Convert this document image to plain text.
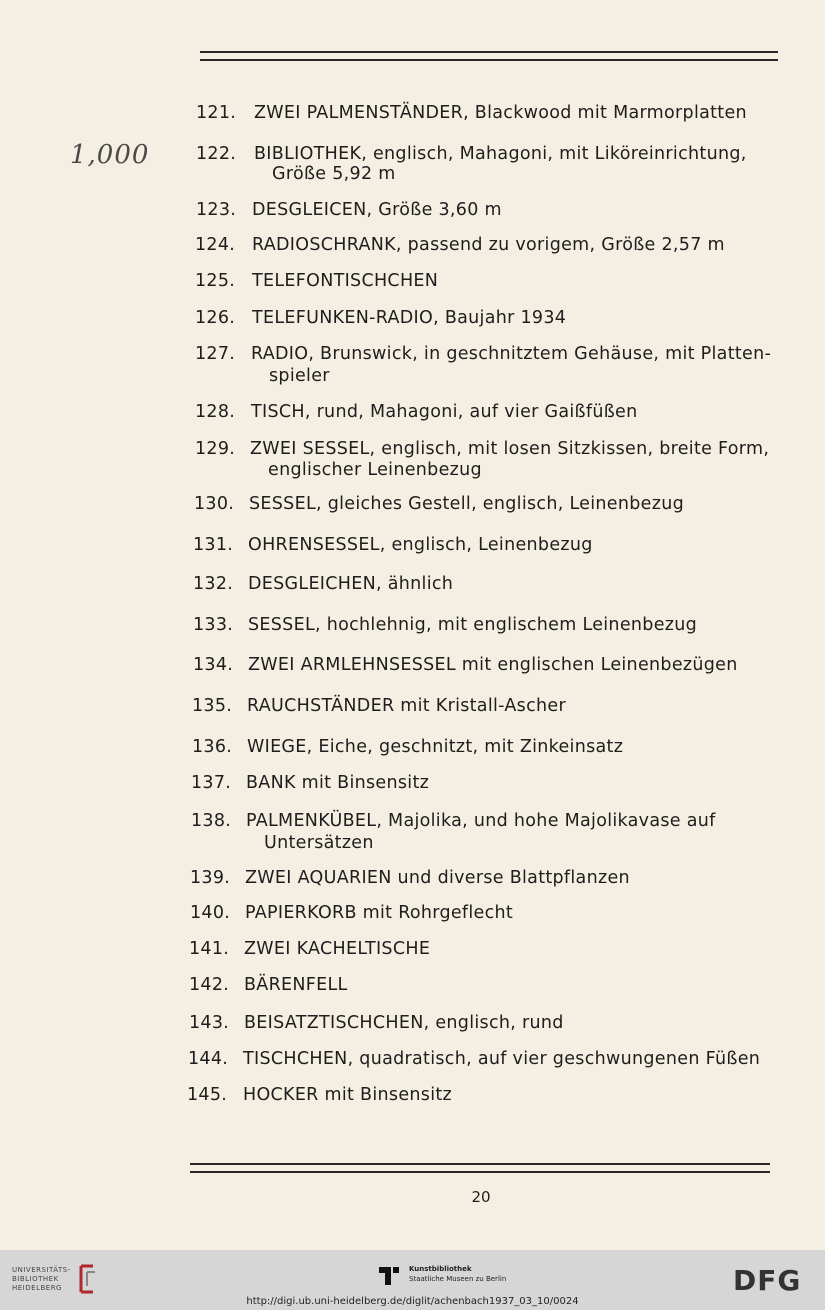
1,000
121. ZWEI PALMENSTÄNDER, Blackwood mit Marmorplatten
122. BIBLIOTHEK, englisch, Mahagoni, mit Liköreinrichtung,
Größe 5,92 m
123. DESGLEICEN, Größe 3,60 m
124. RADIOSCHRANK, passend zu vorigem, Größe 2,57 m
125. TELEFONTISCHCHEN
126. TELEFUNKEN-RADIO, Baujahr 1934
127. RADIO, Brunswick, in geschnitztem Gehäuse, mit Platten-
spieler
128. TISCH, rund, Mahagoni, auf vier Gaißfüßen
129. ZWEI SESSEL, englisch, mit losen Sitzkissen, breite Form,
englischer Leinenbezug
130. SESSEL, gleiches Gestell, englisch, Leinenbezug
131. OHRENSESSEL, englisch, Leinenbezug
132. DESGLEICHEN, ähnlich
133. SESSEL, hochlehnig, mit englischem Leinenbezug
134. ZWEI ARMLEHNSESSEL mit englischen Leinenbezügen
135. RAUCHSTÄNDER mit Kristall-Ascher
136. WIEGE, Eiche, geschnitzt, mit Zinkeinsatz
137. BANK mit Binsensitz
138. PALMENKÜBEL, Majolika, und hohe Majolikavase auf
Untersätzen
139. ZWEI AQUARIEN und diverse Blattpflanzen
140. PAPIERKORB mit Rohrgeflecht
141. ZWEI KACHELTISCHE
142. BÄRENFELL
143. BEISATZTISCHCHEN, englisch, rund
144. TISCHCHEN, quadratisch, auf vier geschwungenen Füßen
145. HOCKER mit Binsensitz
20
UNIVERSITÄTS-
BIBLIOTHEK
HEIDELBERG
Kunstbibliothek
Staatliche Museen zu Berlin	DFG
http://digi.ub.uni-heidelberg.de/diglit/achenbach1937_03_10/0024
